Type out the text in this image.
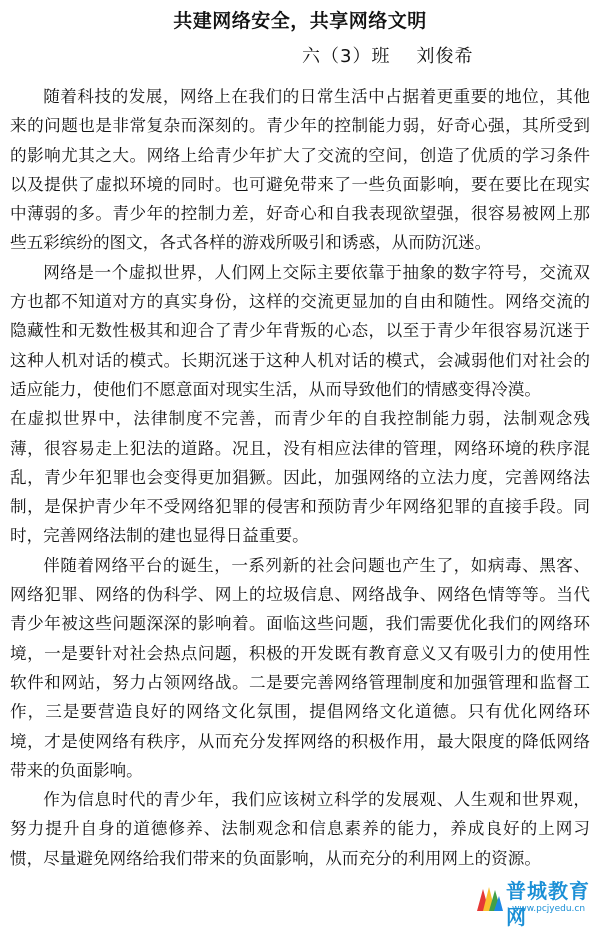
共建网络安全，共享网络文明
六（3）班 刘俊希

随着科技的发展，网络上在我们的日常生活中占据着更重要的地位，其他来的问题也是非常复杂而深刻的。青少年的控制能力弱，好奇心强，其所受到的影响尤其之大。网络上给青少年扩大了交流的空间，创造了优质的学习条件以及提供了虚拟环境的同时。也可避免带来了一些负面影响，要在要比在现实中薄弱的多。青少年的控制力差，好奇心和自我表现欲望强，很容易被网上那些五彩缤纷的图文，各式各样的游戏所吸引和诱惑，从而防沉迷。

网络是一个虚拟世界，人们网上交际主要依靠于抽象的数字符号，交流双方也都不知道对方的真实身份，这样的交流更显加的自由和随性。网络交流的隐藏性和无数性极其和迎合了青少年背叛的心态，以至于青少年很容易沉迷于这种人机对话的模式。长期沉迷于这种人机对话的模式，会减弱他们对社会的适应能力，使他们不愿意面对现实生活，从而导致他们的情感变得冷漠。

在虚拟世界中，法律制度不完善，而青少年的自我控制能力弱，法制观念残薄，很容易走上犯法的道路。况且，没有相应法律的管理，网络环境的秩序混乱，青少年犯罪也会变得更加猖獗。因此，加强网络的立法力度，完善网络法制，是保护青少年不受网络犯罪的侵害和预防青少年网络犯罪的直接手段。同时，完善网络法制的建也显得日益重要。

伴随着网络平台的诞生，一系列新的社会问题也产生了，如病毒、黑客、网络犯罪、网络的伪科学、网上的垃圾信息、网络战争、网络色情等等。当代青少年被这些问题深深的影响着。面临这些问题，我们需要优化我们的网络环境，一是要针对社会热点问题，积极的开发既有教育意义又有吸引力的使用性软件和网站，努力占领网络战。二是要完善网络管理制度和加强管理和监督工作，三是要营造良好的网络文化氛围，提倡网络文化道德。只有优化网络环境，才是使网络有秩序，从而充分发挥网络的积极作用，最大限度的降低网络带来的负面影响。

作为信息时代的青少年，我们应该树立科学的发展观、人生观和世界观，努力提升自身的道德修养、法制观念和信息素养的能力，养成良好的上网习惯，尽量避免网络给我们带来的负面影响，从而充分的利用网上的资源。

普城教育网
www.pcjyedu.cn
